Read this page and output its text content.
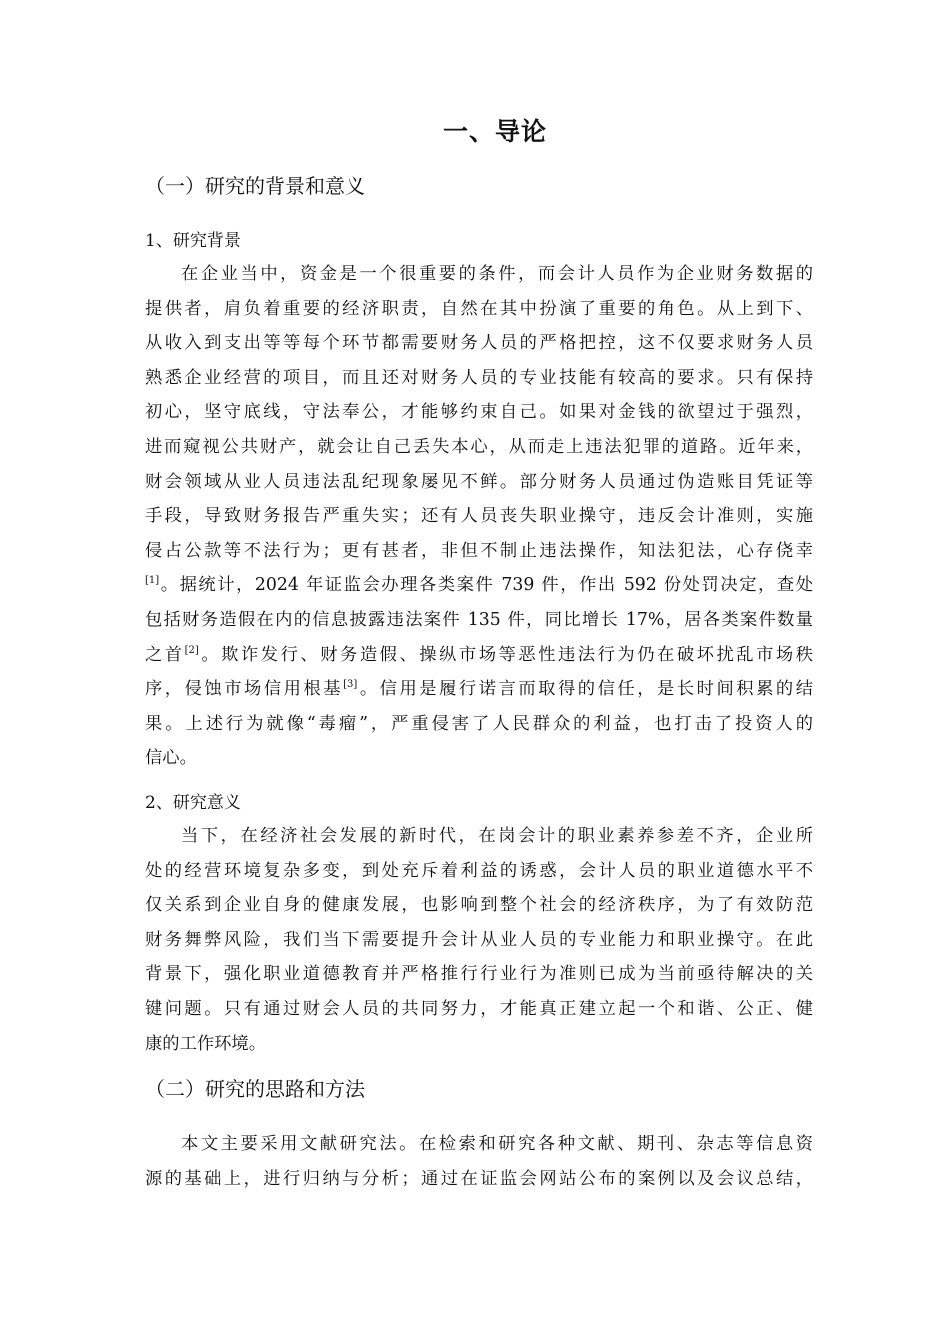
一、导论
（一）研究的背景和意义
1、研究背景
在企业当中，资金是一个很重要的条件，而会计人员作为企业财务数据的
提供者，肩负着重要的经济职责，自然在其中扮演了重要的角色。从上到下、
从收入到支出等等每个环节都需要财务人员的严格把控，这不仅要求财务人员
熟悉企业经营的项目，而且还对财务人员的专业技能有较高的要求。只有保持
初心，坚守底线，守法奉公，才能够约束自己。如果对金钱的欲望过于强烈，
进而窥视公共财产，就会让自己丢失本心，从而走上违法犯罪的道路。近年来，
财会领域从业人员违法乱纪现象屡见不鲜。部分财务人员通过伪造账目凭证等
手段，导致财务报告严重失实；还有人员丧失职业操守，违反会计准则，实施
侵占公款等不法行为；更有甚者，非但不制止违法操作，知法犯法，心存侥幸
[1]。据统计，2024 年证监会办理各类案件 739 件，作出 592 份处罚决定，查处
包括财务造假在内的信息披露违法案件 135 件，同比增长 17%，居各类案件数量
之首[2]。欺诈发行、财务造假、操纵市场等恶性违法行为仍在破坏扰乱市场秩
序，侵蚀市场信用根基[3]。信用是履行诺言而取得的信任，是长时间积累的结
果。上述行为就像“毒瘤”，严重侵害了人民群众的利益，也打击了投资人的
信心。
2、研究意义
当下，在经济社会发展的新时代，在岗会计的职业素养参差不齐，企业所
处的经营环境复杂多变，到处充斥着利益的诱惑，会计人员的职业道德水平不
仅关系到企业自身的健康发展，也影响到整个社会的经济秩序，为了有效防范
财务舞弊风险，我们当下需要提升会计从业人员的专业能力和职业操守。在此
背景下，强化职业道德教育并严格推行行业行为准则已成为当前亟待解决的关
键问题。只有通过财会人员的共同努力，才能真正建立起一个和谐、公正、健
康的工作环境。
（二）研究的思路和方法
本文主要采用文献研究法。在检索和研究各种文献、期刊、杂志等信息资
源的基础上，进行归纳与分析；通过在证监会网站公布的案例以及会议总结，
